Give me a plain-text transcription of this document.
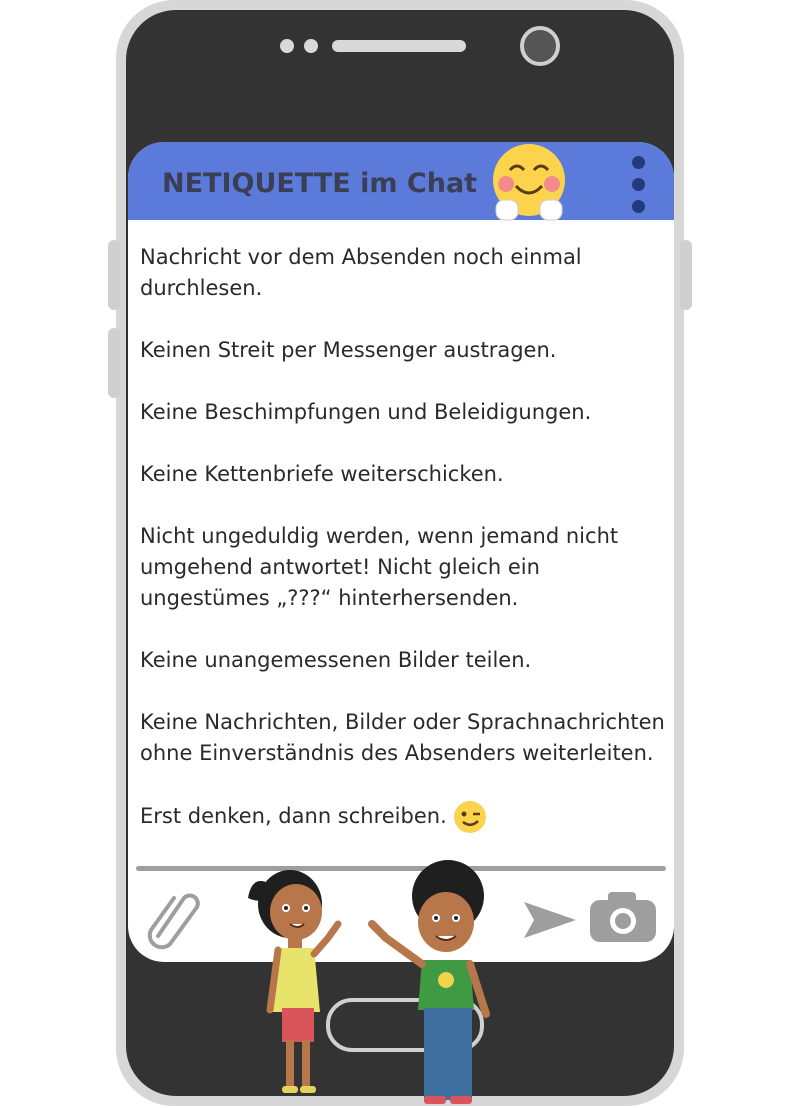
NETIQUETTE im Chat

Nachricht vor dem Absenden noch einmal durchlesen.

Keinen Streit per Messenger austragen.

Keine Beschimpfungen und Beleidigungen.

Keine Kettenbriefe weiterschicken.

Nicht ungeduldig werden, wenn jemand nicht umgehend antwortet! Nicht gleich ein ungestümes „???“ hinterhersenden.

Keine unangemessenen Bilder teilen.

Keine Nachrichten, Bilder oder Sprachnachrichten ohne Einverständnis des Absenders weiterleiten.

Erst denken, dann schreiben.
